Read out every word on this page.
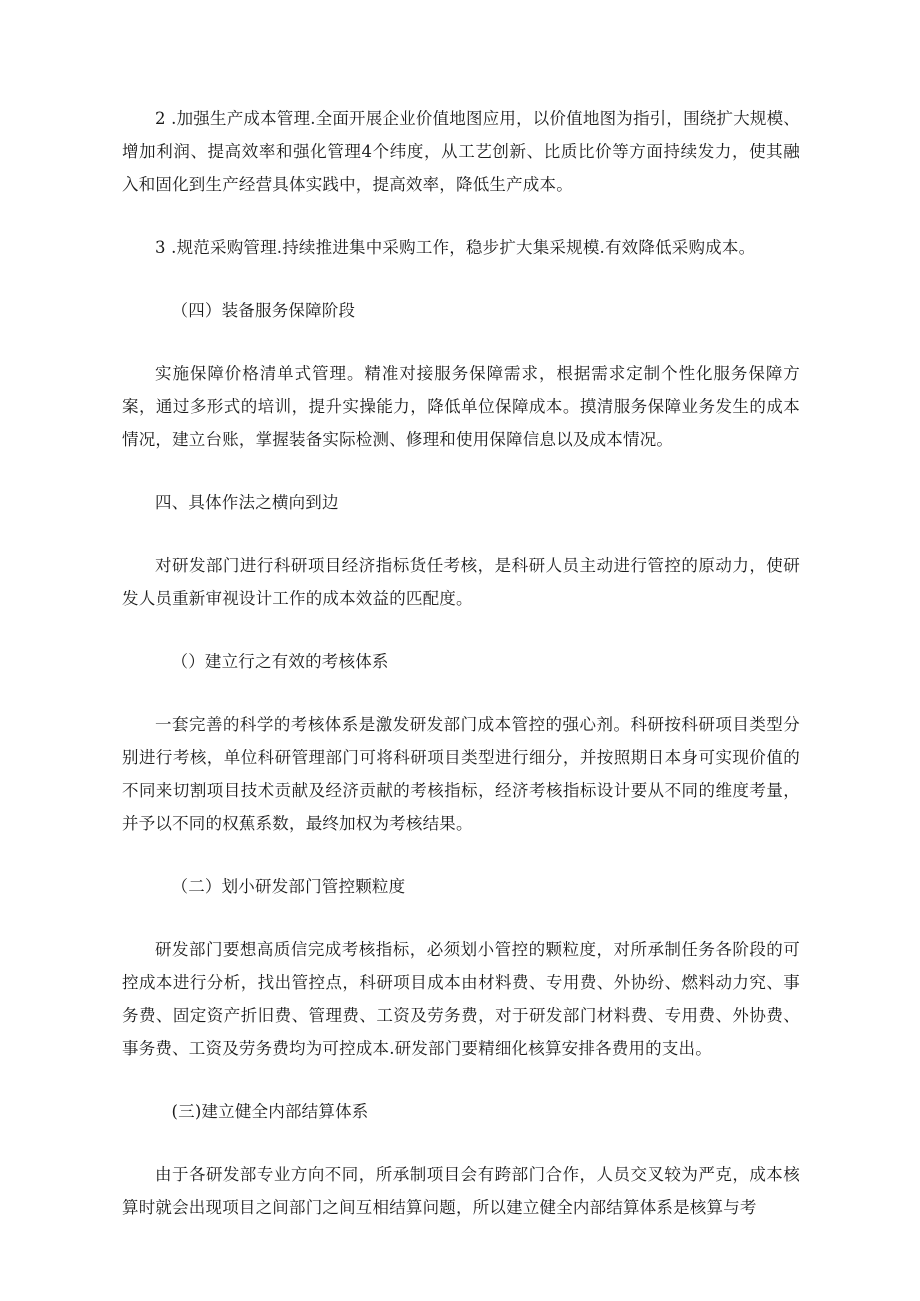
2 .加强生产成本管理.全面开展企业价值地图应用，以价值地图为指引，围绕扩大规模、增加利润、提高效率和强化管理4个纬度，从工艺创新、比质比价等方面持续发力，使其融入和固化到生产经营具体实践中，提高效率，降低生产成本。

3 .规范采购管理.持续推进集中采购工作，稳步扩大集采规模.有效降低采购成本。

（四）装备服务保障阶段

实施保障价格清单式管理。精准对接服务保障需求，根据需求定制个性化服务保障方案，通过多形式的培训，提升实操能力，降低单位保障成本。摸清服务保障业务发生的成本情况，建立台账，掌握装备实际检测、修理和使用保障信息以及成本情况。

四、具体作法之横向到边

对研发部门进行科研项目经济指标货任考核，是科研人员主动进行管控的原动力，使研发人员重新审视设计工作的成本效益的匹配度。

（）建立行之有效的考核体系

一套完善的科学的考核体系是激发研发部门成本管控的强心剂。科研按科研项目类型分别进行考核，单位科研管理部门可将科研项目类型进行细分，并按照期日本身可实现价值的不同来切割项目技术贡献及经济贡献的考核指标，经济考核指标设计要从不同的维度考量，并予以不同的权蕉系数，最终加权为考核结果。

（二）划小研发部门管控颗粒度

研发部门要想高质信完成考核指标，必须划小管控的颗粒度，对所承制任务各阶段的可控成本进行分析，找出管控点，科研项目成本由材料费、专用费、外协纷、燃料动力究、事务费、固定资产折旧费、管理费、工资及劳务费，对于研发部门材料费、专用费、外协费、事务费、工资及劳务费均为可控成本.研发部门要精细化核算安排各费用的支出。

(三)建立健全内部结算体系

由于各研发部专业方向不同，所承制项目会有跨部门合作，人员交叉较为严克，成本核算时就会出现项目之间部门之间互相结算问题，所以建立健全内部结算体系是核算与考
